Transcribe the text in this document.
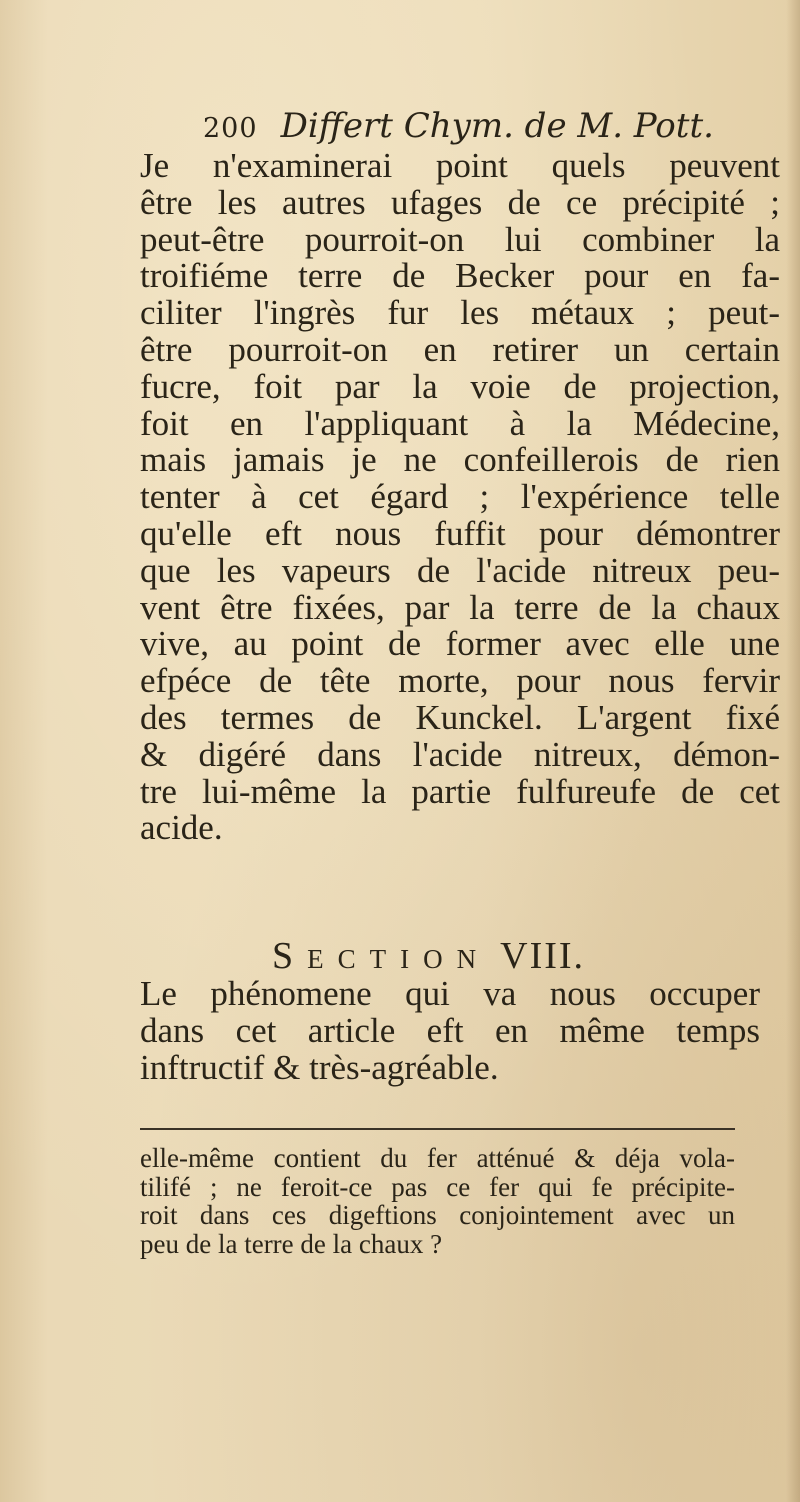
200 Differt Chym. de M. Pott.
Je n'examinerai point quels peuvent
être les autres ufages de ce précipité ;
peut-être pourroit-on lui combiner la
troifiéme terre de Becker pour en fa-
ciliter l'ingrès fur les métaux ; peut-
être pourroit-on en retirer un certain
fucre, foit par la voie de projection,
foit en l'appliquant à la Médecine,
mais jamais je ne confeillerois de rien
tenter à cet égard ; l'expérience telle
qu'elle eft nous fuffit pour démontrer
que les vapeurs de l'acide nitreux peu-
vent être fixées, par la terre de la chaux
vive, au point de former avec elle une
efpéce de tête morte, pour nous fervir
des termes de Kunckel. L'argent fixé
& digéré dans l'acide nitreux, démon-
tre lui-même la partie fulfureufe de cet
acide.
Section VIII.
Le phénomene qui va nous occuper
dans cet article eft en même temps
inftructif & très-agréable.
elle-même contient du fer atténué & déja vola-
tilifé ; ne feroit-ce pas ce fer qui fe précipite-
roit dans ces digeftions conjointement avec un
peu de la terre de la chaux ?
